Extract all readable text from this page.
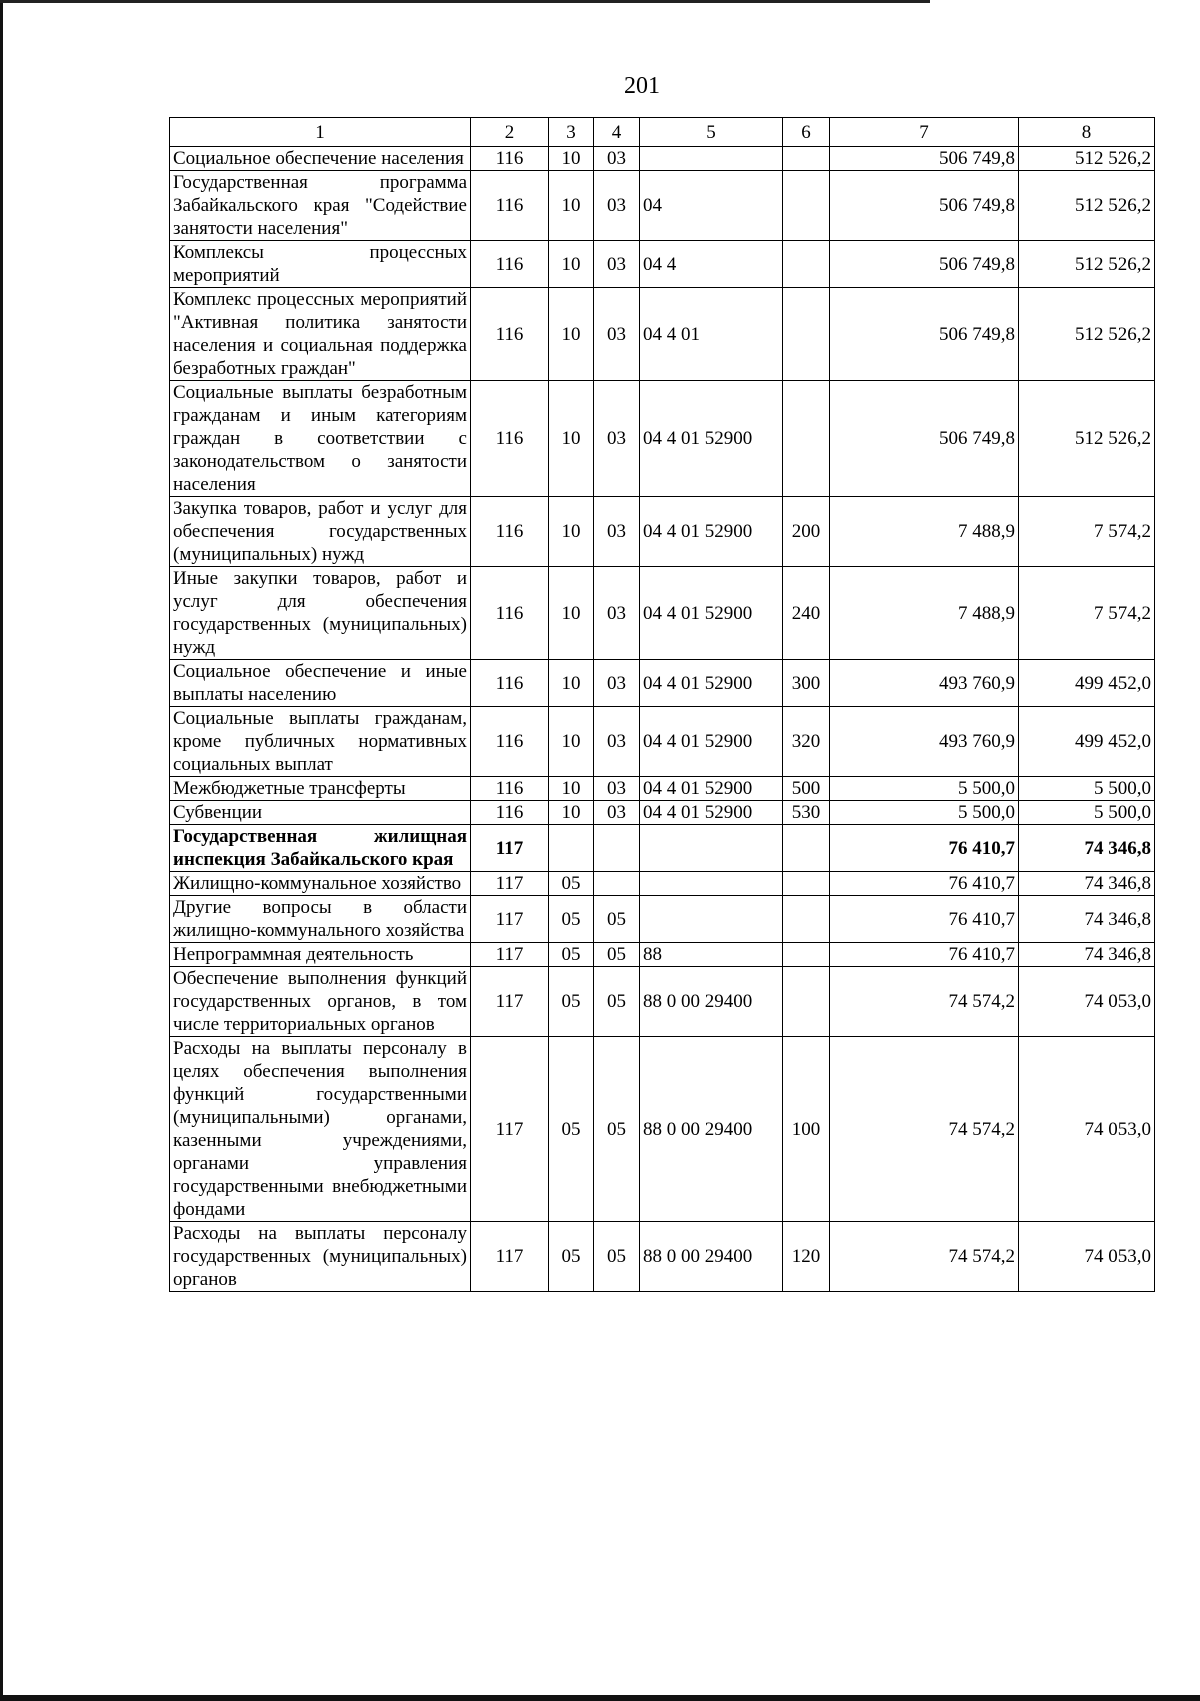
201
1	2	3	4	5	6	7	8
Социальное обеспечение населения	116	10	03			506 749,8	512 526,2
Государственная программа Забайкальского края "Содействие занятости населения"	116	10	03	04		506 749,8	512 526,2
Комплексы процессных мероприятий	116	10	03	04 4		506 749,8	512 526,2
Комплекс процессных мероприятий "Активная политика занятости населения и социальная поддержка безработных граждан"	116	10	03	04 4 01		506 749,8	512 526,2
Социальные выплаты безработным гражданам и иным категориям граждан в соответствии с законодательством о занятости населения	116	10	03	04 4 01 52900		506 749,8	512 526,2
Закупка товаров, работ и услуг для обеспечения государственных (муниципальных) нужд	116	10	03	04 4 01 52900	200	7 488,9	7 574,2
Иные закупки товаров, работ и услуг для обеспечения государственных (муниципальных) нужд	116	10	03	04 4 01 52900	240	7 488,9	7 574,2
Социальное обеспечение и иные выплаты населению	116	10	03	04 4 01 52900	300	493 760,9	499 452,0
Социальные выплаты гражданам, кроме публичных нормативных социальных выплат	116	10	03	04 4 01 52900	320	493 760,9	499 452,0
Межбюджетные трансферты	116	10	03	04 4 01 52900	500	5 500,0	5 500,0
Субвенции	116	10	03	04 4 01 52900	530	5 500,0	5 500,0
Государственная жилищная инспекция Забайкальского края	117					76 410,7	74 346,8
Жилищно-коммунальное хозяйство	117	05				76 410,7	74 346,8
Другие вопросы в области жилищно-коммунального хозяйства	117	05	05			76 410,7	74 346,8
Непрограммная деятельность	117	05	05	88		76 410,7	74 346,8
Обеспечение выполнения функций государственных органов, в том числе территориальных органов	117	05	05	88 0 00 29400		74 574,2	74 053,0
Расходы на выплаты персоналу в целях обеспечения выполнения функций государственными (муниципальными) органами, казенными учреждениями, органами управления государственными внебюджетными фондами	117	05	05	88 0 00 29400	100	74 574,2	74 053,0
Расходы на выплаты персоналу государственных (муниципальных) органов	117	05	05	88 0 00 29400	120	74 574,2	74 053,0
